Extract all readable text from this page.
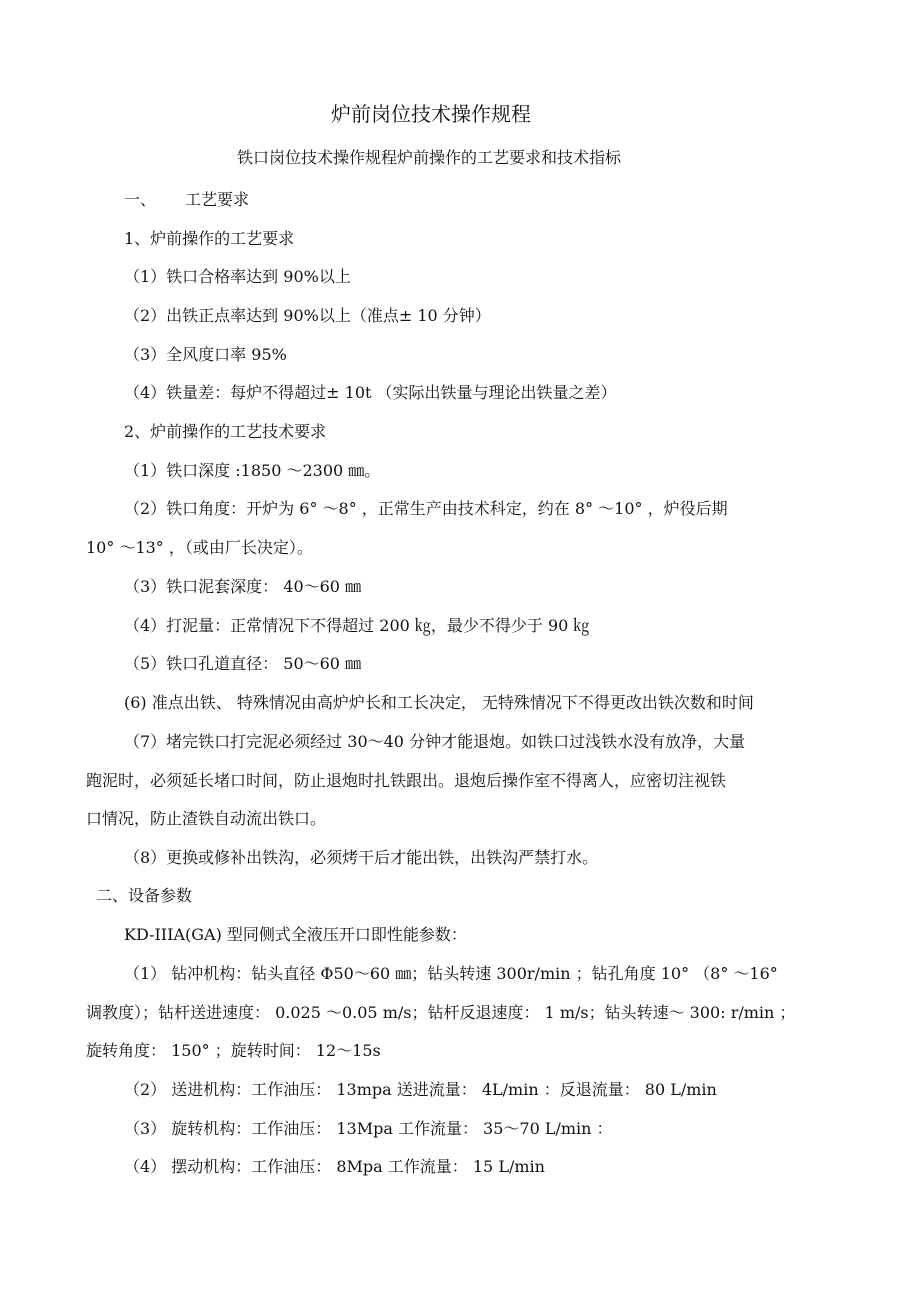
炉前岗位技术操作规程
铁口岗位技术操作规程炉前操作的工艺要求和技术指标
一、 工艺要求
1、炉前操作的工艺要求
（1）铁口合格率达到 90%以上
（2）出铁正点率达到 90%以上（准点± 10 分钟）
（3）全风度口率 95%
（4）铁量差：每炉不得超过± 10t （实际出铁量与理论出铁量之差）
2、炉前操作的工艺技术要求
（1）铁口深度 :1850 ～2300 ㎜。
（2）铁口角度：开炉为 6° ～8° ，正常生产由技术科定，约在 8° ～10° ，炉役后期
10° ～13° ，（或由厂长决定）。
（3）铁口泥套深度： 40～60 ㎜
（4）打泥量：正常情况下不得超过 200 ㎏，最少不得少于 90 ㎏
（5）铁口孔道直径： 50～60 ㎜
(6) 准点出铁、 特殊情况由高炉炉长和工长决定， 无特殊情况下不得更改出铁次数和时间
（7）堵完铁口打完泥必须经过 30～40 分钟才能退炮。如铁口过浅铁水没有放净，大量
跑泥时，必须延长堵口时间，防止退炮时扎铁跟出。退炮后操作室不得离人，应密切注视铁
口情况，防止渣铁自动流出铁口。
（8）更换或修补出铁沟，必须烤干后才能出铁，出铁沟严禁打水。
二、设备参数
KD-IIIA(GA) 型同侧式全液压开口即性能参数：
（1） 钻冲机构：钻头直径 Φ50～60 ㎜；钻头转速 300r/min ；钻孔角度 10° （8° ～16°
调教度）；钻杆送进速度： 0.025 ～0.05 m/s；钻杆反退速度： 1 m/s；钻头转速～ 300: r/min ；
旋转角度： 150° ；旋转时间： 12～15s
（2） 送进机构：工作油压： 13mpa 送进流量： 4L/min ：反退流量： 80 L/min
（3） 旋转机构：工作油压： 13Mpa 工作流量： 35～70 L/min ：
（4） 摆动机构：工作油压： 8Mpa 工作流量： 15 L/min
